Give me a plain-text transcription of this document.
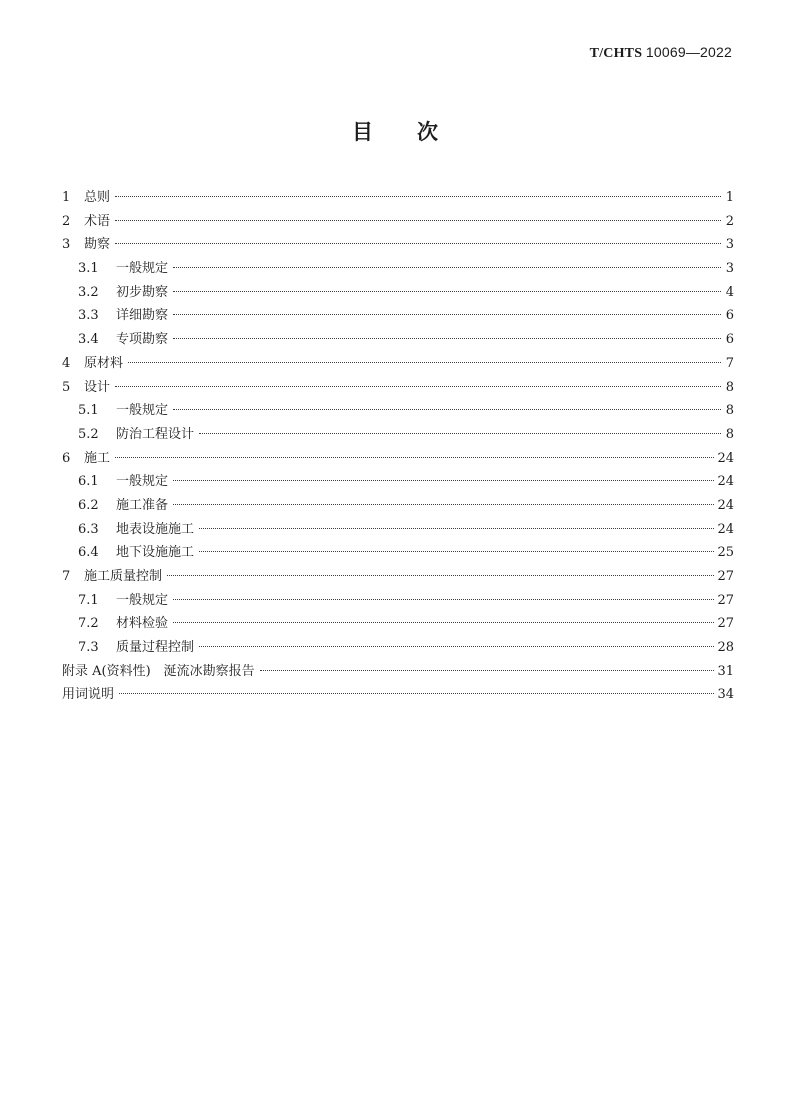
T/CHTS 10069—2022
目次
1	总则	1
2	术语	2
3	勘察	3
3.1	一般规定	3
3.2	初步勘察	4
3.3	详细勘察	6
3.4	专项勘察	6
4	原材料	7
5	设计	8
5.1	一般规定	8
5.2	防治工程设计	8
6	施工	24
6.1	一般规定	24
6.2	施工准备	24
6.3	地表设施施工	24
6.4	地下设施施工	25
7	施工质量控制	27
7.1	一般规定	27
7.2	材料检验	27
7.3	质量过程控制	28
附录 A(资料性)　涎流冰勘察报告	31
用词说明	34
